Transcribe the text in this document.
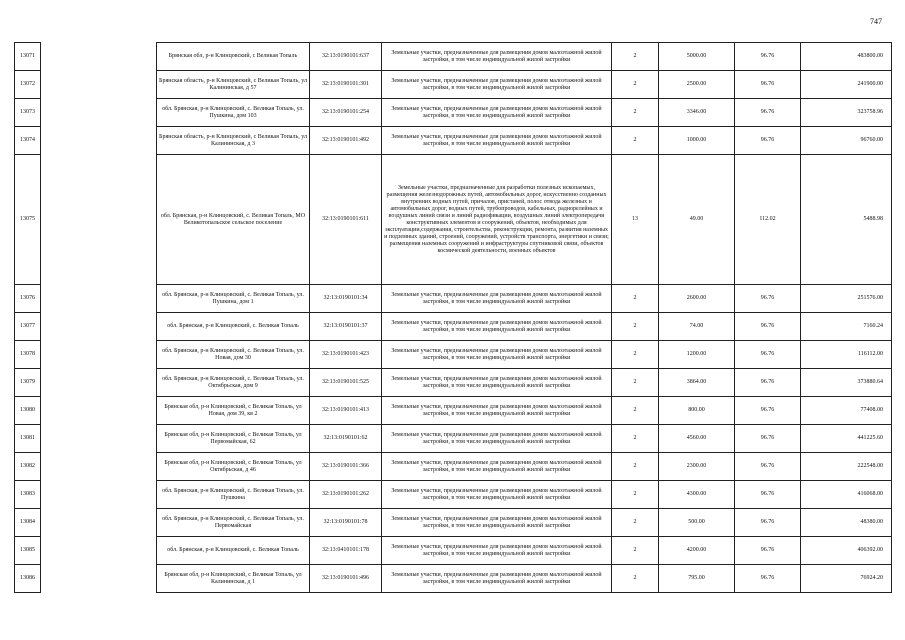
747
13071		Брянская обл, р-н Клинцовский, с Великая Топаль	32:13:0190101:637	Земельные участки, предназначенные для размещения домов малоэтажной жилой застройки, в том числе индивидуальной жилой застройки	2	5000.00	96.76	483800.00
13072		Брянская область, р-н Клинцовский, с Великая Топаль, ул Калининская, д 57	32:13:0190101:301	Земельные участки, предназначенные для размещения домов малоэтажной жилой застройки, в том числе индивидуальной жилой застройки	2	2500.00	96.76	241900.00
13073		обл. Брянская, р-н Клинцовский, с. Великая Топаль, ул. Пушкина, дом 103	32:13:0190101:254	Земельные участки, предназначенные для размещения домов малоэтажной жилой застройки, в том числе индивидуальной жилой застройки	2	3346.00	96.76	323758.96
13074		Брянская область, р-н Клинцовский, с Великая Топаль, ул Калининская, д 3	32:13:0190101:492	Земельные участки, предназначенные для размещения домов малоэтажной жилой застройки, в том числе индивидуальной жилой застройки	2	1000.00	96.76	96760.00
13075		обл. Брянская, р-н Клинцовский, с. Великая Топаль, МО Великотопальское сельское поселение	32:13:0190101:611	Земельные участки, предназначенные для разработки полезных ископаемых, размещения железнодорожных путей, автомобильных дорог, искусственно созданных внутренних водных путей, причалов, пристаней, полос отвода железных и автомобильных дорог, водных путей, трубопроводов, кабельных, радиорелейных и воздушных линий связи и линий радиофикации, воздушных линий электропередачи конструктивных элементов и сооружений, объектов, необходимых для эксплуатации,содержания, строительства, реконструкции, ремонта, развития наземных и подземных зданий, строений, сооружений, устройств транспорта, энергетики и связи; размещения наземных сооружений и инфраструктуры спутниковой связи, объектов космической деятельности, военных объектов	13	49.00	112.02	5488.98
13076		обл. Брянская, р-н Клинцовский, с. Великая Топаль, ул. Пушкина, дом 1	32:13:0190101:34	Земельные участки, предназначенные для размещения домов малоэтажной жилой застройки, в том числе индивидуальной жилой застройки	2	2600.00	96.76	251576.00
13077		обл. Брянская, р-н Клинцовский, с. Великая Топаль	32:13:0190101:37	Земельные участки, предназначенные для размещения домов малоэтажной жилой застройки, в том числе индивидуальной жилой застройки	2	74.00	96.76	7160.24
13078		обл. Брянская, р-н Клинцовский, с. Великая Топаль, ул. Новая, дом 30	32:13:0190101:423	Земельные участки, предназначенные для размещения домов малоэтажной жилой застройки, в том числе индивидуальной жилой застройки	2	1200.00	96.76	116112.00
13079		обл. Брянская, р-н Клинцовский, с. Великая Топаль, ул. Октябрьская, дом 9	32:13:0190101:525	Земельные участки, предназначенные для размещения домов малоэтажной жилой застройки, в том числе индивидуальной жилой застройки	2	3864.00	96.76	373880.64
13080		Брянская обл, р-н Клинцовский, с Великая Топаль, ул Новая, дом 39, кв 2	32:13:0190101:413	Земельные участки, предназначенные для размещения домов малоэтажной жилой застройки, в том числе индивидуальной жилой застройки	2	800.00	96.76	77408.00
13081		Брянская обл, р-н Клинцовский, с Великая Топаль, ул Первомайская, 62	32:13:0190101:62	Земельные участки, предназначенные для размещения домов малоэтажной жилой застройки, в том числе индивидуальной жилой застройки	2	4560.00	96.76	441225.60
13082		Брянская обл, р-н Клинцовский, с Великая Топаль, ул Октябрьская, д 46	32:13:0190101:366	Земельные участки, предназначенные для размещения домов малоэтажной жилой застройки, в том числе индивидуальной жилой застройки	2	2300.00	96.76	222548.00
13083		обл. Брянская, р-н Клинцовский, с. Великая Топаль, ул. Пушкина	32:13:0190101:262	Земельные участки, предназначенные для размещения домов малоэтажной жилой застройки, в том числе индивидуальной жилой застройки	2	4300.00	96.76	416068.00
13084		обл. Брянская, р-н Клинцовский, с. Великая Топаль, ул. Первомайская	32:13:0190101:78	Земельные участки, предназначенные для размещения домов малоэтажной жилой застройки, в том числе индивидуальной жилой застройки	2	500.00	96.76	48380.00
13085		обл. Брянская, р-н Клинцовский, с. Великая Топаль	32:13:0410101:178	Земельные участки, предназначенные для размещения домов малоэтажной жилой застройки, в том числе индивидуальной жилой застройки	2	4200.00	96.76	406392.00
13086		Брянская обл, р-н Клинцовский, с Великая Топаль, ул Калининская, д 1	32:13:0190101:496	Земельные участки, предназначенные для размещения домов малоэтажной жилой застройки, в том числе индивидуальной жилой застройки	2	795.00	96.76	76924.20
